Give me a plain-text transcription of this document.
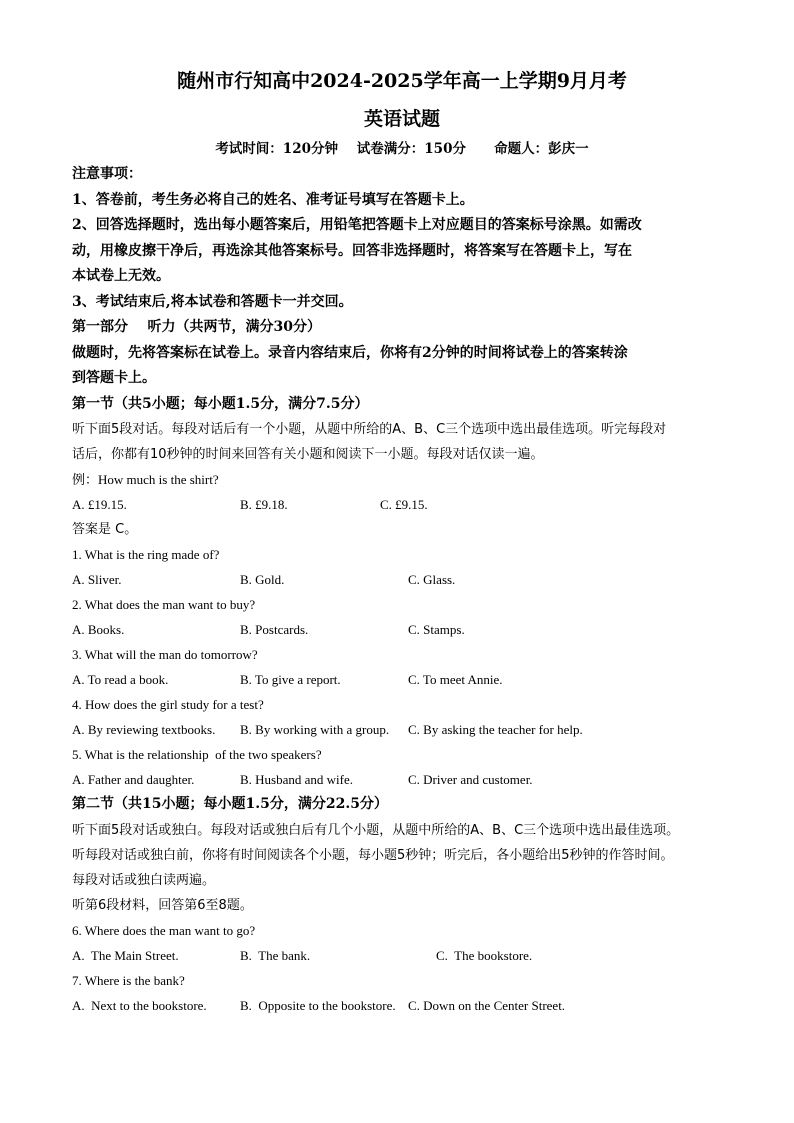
随州市行知高中2024-2025学年高一上学期9月月考

英语试题

考试时间：120分钟    试卷满分：150分      命题人：彭庆一

注意事项：

1、答卷前，考生务必将自己的姓名、准考证号填写在答题卡上。

2、回答选择题时，选出每小题答案后，用铅笔把答题卡上对应题目的答案标号涂黑。如需改

动，用橡皮擦干净后，再选涂其他答案标号。回答非选择题时，将答案写在答题卡上，写在

本试卷上无效。

3、考试结束后,将本试卷和答题卡一并交回。

第一部分    听力（共两节，满分30分）

做题时，先将答案标在试卷上。录音内容结束后，你将有2分钟的时间将试卷上的答案转涂

到答题卡上。

第一节（共5小题；每小题1.5分，满分7.5分）

听下面5段对话。每段对话后有一个小题，从题中所给的A、B、C三个选项中选出最佳选项。听完每段对

话后，你都有10秒钟的时间来回答有关小题和阅读下一小题。每段对话仅读一遍。

例：How much is the shirt?

A. £19.15.	B. £9.18.	C. £9.15.

答案是 C。

1. What is the ring made of?

A. Sliver.	B. Gold.	C. Glass.

2. What does the man want to buy?

A. Books.	B. Postcards.	C. Stamps.

3. What will the man do tomorrow?

A. To read a book.	B. To give a report.	C. To meet Annie.

4. How does the girl study for a test?

A. By reviewing textbooks.	B. By working with a group.	C. By asking the teacher for help.

5. What is the relationship  of the two speakers?

A. Father and daughter.	B. Husband and wife.	C. Driver and customer.

第二节（共15小题；每小题1.5分，满分22.5分）

听下面5段对话或独白。每段对话或独白后有几个小题，从题中所给的A、B、C三个选项中选出最佳选项。

听每段对话或独白前，你将有时间阅读各个小题，每小题5秒钟；听完后，各小题给出5秒钟的作答时间。

每段对话或独白读两遍。

听第6段材料，回答第6至8题。

6. Where does the man want to go?

A.  The Main Street.	B.  The bank.	C.  The bookstore.

7. Where is the bank?

A.  Next to the bookstore.	B.  Opposite to the bookstore. C. Down on the Center Street.
